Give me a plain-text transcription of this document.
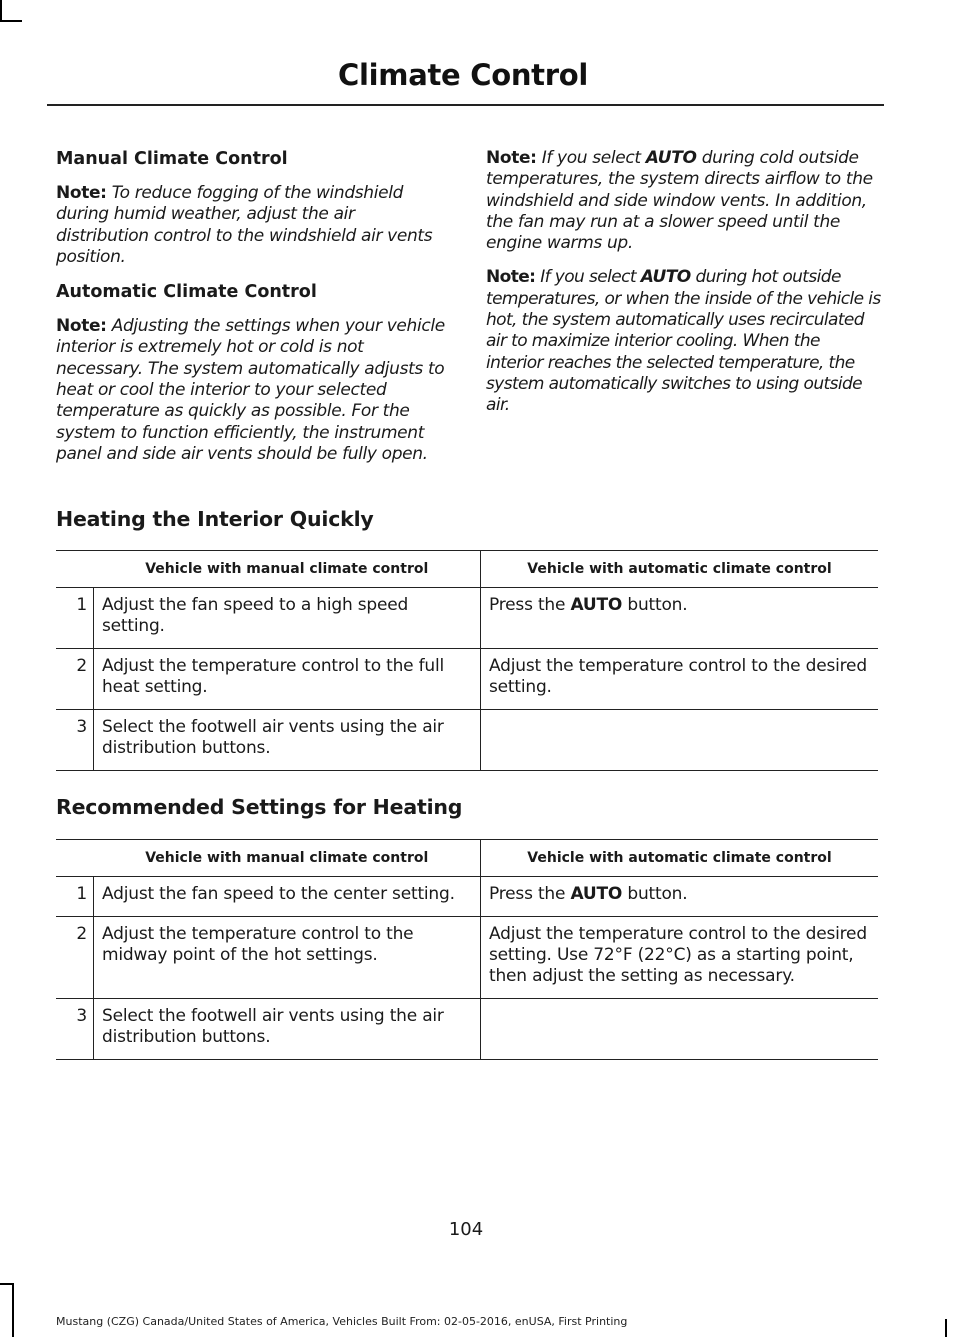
Climate Control
Manual Climate Control

Note: To reduce fogging of the windshield during humid weather, adjust the air distribution control to the windshield air vents position.

Automatic Climate Control

Note: Adjusting the settings when your vehicle interior is extremely hot or cold is not necessary. The system automatically adjusts to heat or cool the interior to your selected temperature as quickly as possible. For the system to function efficiently, the instrument panel and side air vents should be fully open.

Note: If you select AUTO during cold outside temperatures, the system directs airflow to the windshield and side window vents. In addition, the fan may run at a slower speed until the engine warms up.

Note: If you select AUTO during hot outside temperatures, or when the inside of the vehicle is hot, the system automatically uses recirculated air to maximize interior cooling. When the interior reaches the selected temperature, the system automatically switches to using outside air.

Heating the Interior Quickly
	Vehicle with manual climate control	Vehicle with automatic climate control
1	Adjust the fan speed to a high speed setting.	Press the AUTO button.
2	Adjust the temperature control to the full heat setting.	Adjust the temperature control to the desired setting.
3	Select the footwell air vents using the air distribution buttons.	
Recommended Settings for Heating
	Vehicle with manual climate control	Vehicle with automatic climate control
1	Adjust the fan speed to the center setting.	Press the AUTO button.
2	Adjust the temperature control to the midway point of the hot settings.	Adjust the temperature control to the desired setting. Use 72°F (22°C) as a starting point, then adjust the setting as necessary.
3	Select the footwell air vents using the air distribution buttons.	
104
Mustang (CZG) Canada/United States of America, Vehicles Built From: 02-05-2016, enUSA, First Printing
